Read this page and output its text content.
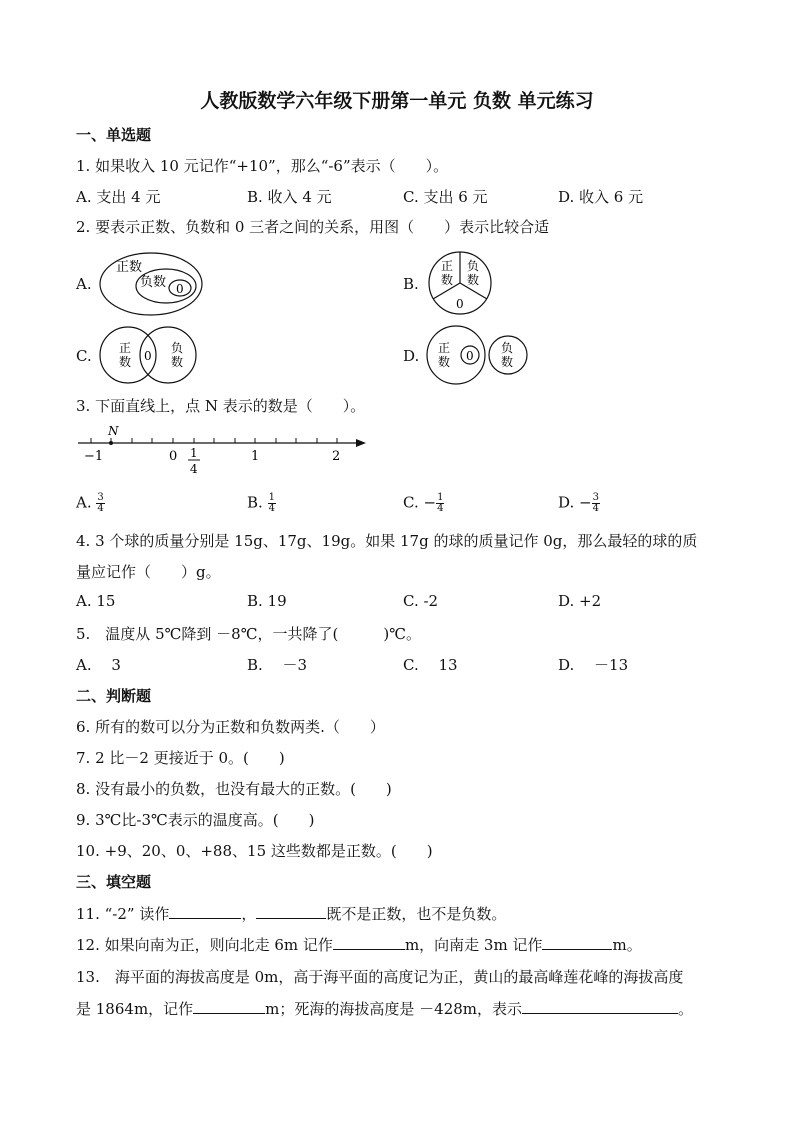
人教版数学六年级下册第一单元 负数 单元练习
一、单选题
1. 如果收入 10 元记作“+10”，那么“-6”表示（　　）。
A. 支出 4 元	B. 收入 4 元	C. 支出 6 元	D. 收入 6 元
2. 要表示正数、负数和 0 三者之间的关系，用图（　　）表示比较合适
A.	B.
C.	D.
正数
负数 0
正
数
负
数
0
正
数 0
负
数
正
数 0
负
数
3. 下面直线上，点 N 表示的数是（　　）。
N
−1	0 1
4
1	2
A. $\frac{3}{4}$	B. $\frac{1}{4}$	C. − $\frac{1}{4}$	D. − $\frac{3}{4}$
4. 3 个球的质量分别是 15g、17g、19g。如果 17g 的球的质量记作 0g，那么最轻的球的质
量应记作（　　）g。
A. 15	B. 19	C. -2	D. +2
5.　温度从 5℃降到 －8℃，一共降了(　　　)℃。
A.　 3	B.　 －3	C.　 13	D.　 －13
二、判断题
6. 所有的数可以分为正数和负数两类.（　　）
7. 2 比－2 更接近于 0。(　　)
8. 没有最小的负数，也没有最大的正数。(　　)
9. 3℃比-3℃表示的温度高。(　　)
10. +9、20、0、+88、15 这些数都是正数。(　　)
三、填空题
11. “-2” 读作	，	既不是正数，也不是负数。
12. 如果向南为正，则向北走 6m 记作	m，向南走 3m 记作	m。
13.　海平面的海拔高度是 0m，高于海平面的高度记为正，黄山的最高峰莲花峰的海拔高度
是 1864m，记作	m；死海的海拔高度是 －428m，表示	。
